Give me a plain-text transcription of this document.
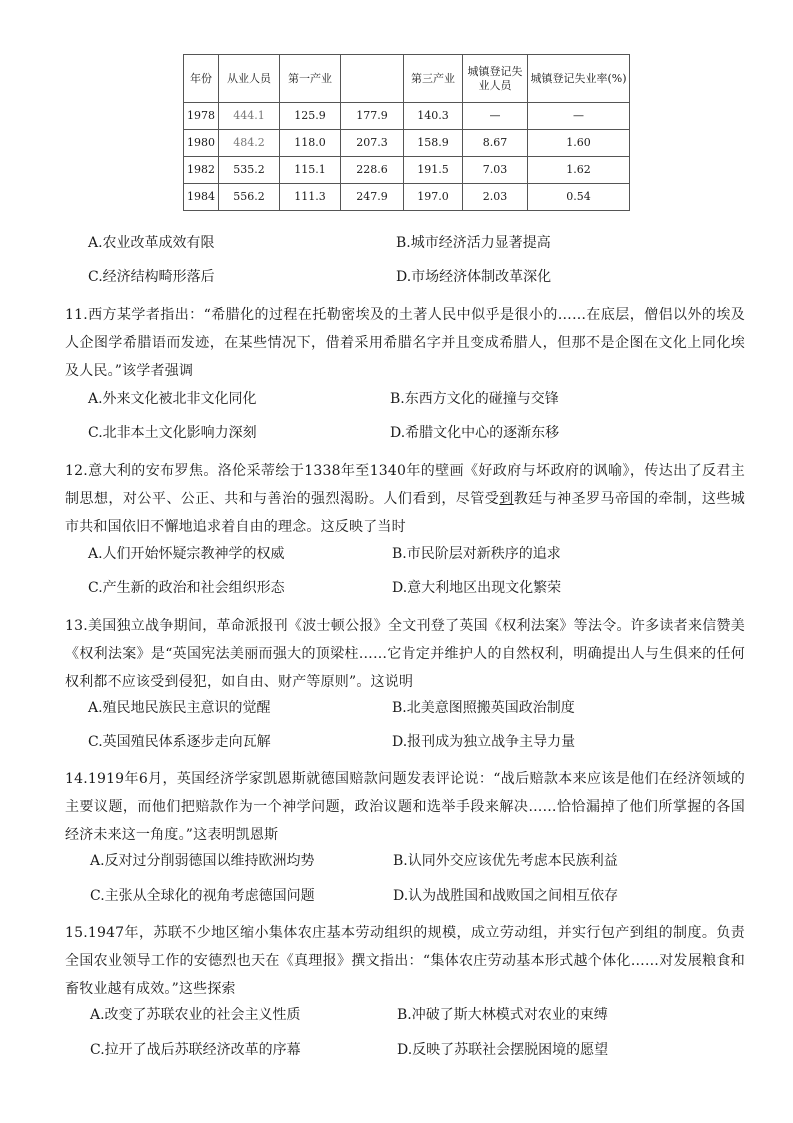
年份	从业人员	第一产业		第三产业	城镇登记失业人员	城镇登记失业率(%)
1978	444.1	125.9	177.9	140.3	—	—
1980	484.2	118.0	207.3	158.9	8.67	1.60
1982	535.2	115.1	228.6	191.5	7.03	1.62
1984	556.2	111.3	247.9	197.0	2.03	0.54
A.农业改革成效有限	B.城市经济活力显著提高
C.经济结构畸形落后	D.市场经济体制改革深化
11.西方某学者指出：“希腊化的过程在托勒密埃及的土著人民中似乎是很小的……在底层，僧侣以外的埃及人企图学希腊语而发迹，在某些情况下，借着采用希腊名字并且变成希腊人，但那不是企图在文化上同化埃及人民。”该学者强调
A.外来文化被北非文化同化	B.东西方文化的碰撞与交锋
C.北非本土文化影响力深刻	D.希腊文化中心的逐渐东移
12.意大利的安布罗焦。洛伦采蒂绘于1338年至1340年的壁画《好政府与坏政府的讽喻》，传达出了反君主制思想，对公平、公正、共和与善治的强烈渴盼。人们看到，尽管受到教廷与神圣罗马帝国的牵制，这些城市共和国依旧不懈地追求着自由的理念。这反映了当时
A.人们开始怀疑宗教神学的权威	B.市民阶层对新秩序的追求
C.产生新的政治和社会组织形态	D.意大利地区出现文化繁荣
13.美国独立战争期间，革命派报刊《波士顿公报》全文刊登了英国《权利法案》等法令。许多读者来信赞美《权利法案》是“英国宪法美丽而强大的顶梁柱……它肯定并维护人的自然权利，明确提出人与生俱来的任何权利都不应该受到侵犯，如自由、财产等原则”。这说明
A.殖民地民族民主意识的觉醒	B.北美意图照搬英国政治制度
C.英国殖民体系逐步走向瓦解	D.报刊成为独立战争主导力量
14.1919年6月，英国经济学家凯恩斯就德国赔款问题发表评论说：“战后赔款本来应该是他们在经济领域的主要议题，而他们把赔款作为一个神学问题，政治议题和选举手段来解决……恰恰漏掉了他们所掌握的各国经济未来这一角度。”这表明凯恩斯
A.反对过分削弱德国以维持欧洲均势	B.认同外交应该优先考虑本民族利益
C.主张从全球化的视角考虑德国问题	D.认为战胜国和战败国之间相互依存
15.1947年，苏联不少地区缩小集体农庄基本劳动组织的规模，成立劳动组，并实行包产到组的制度。负责全国农业领导工作的安德烈也天在《真理报》撰文指出：“集体农庄劳动基本形式越个体化……对发展粮食和畜牧业越有成效。”这些探索
A.改变了苏联农业的社会主义性质	B.冲破了斯大林模式对农业的束缚
C.拉开了战后苏联经济改革的序幕	D.反映了苏联社会摆脱困境的愿望
